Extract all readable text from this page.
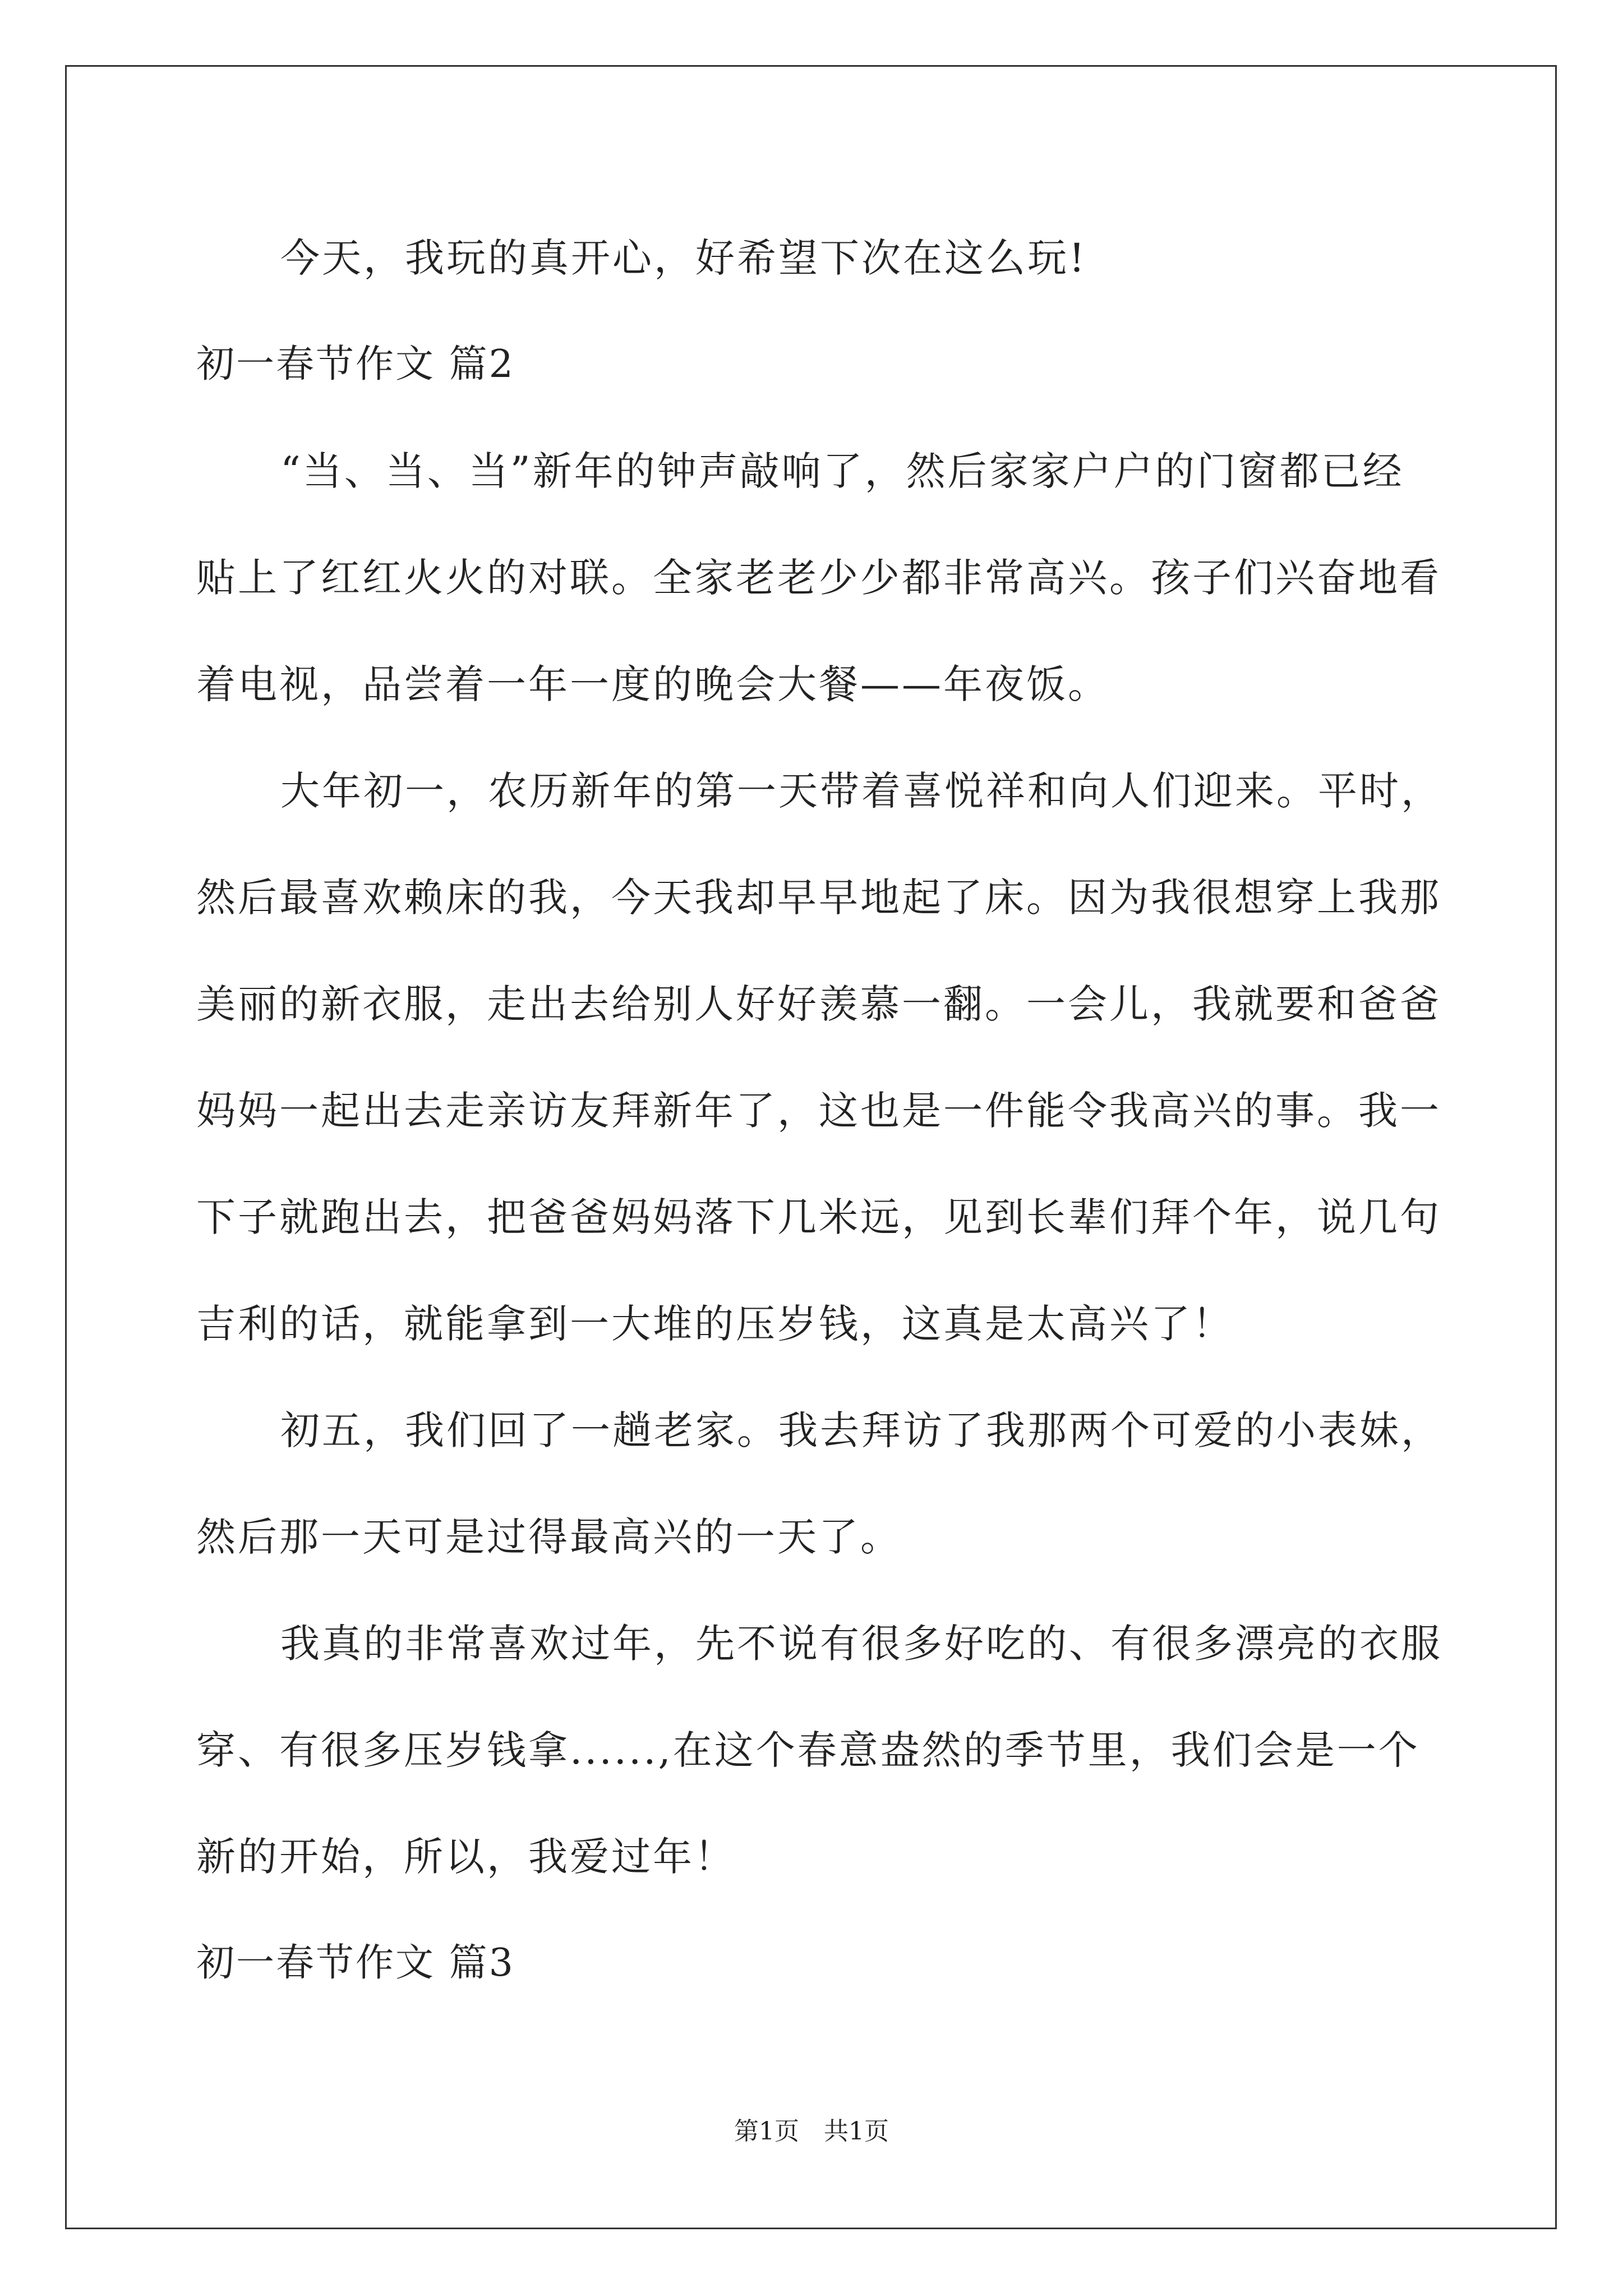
今天，我玩的真开心，好希望下次在这么玩!
初一春节作文 篇2
“当、当、当”新年的钟声敲响了，然后家家户户的门窗都已经
贴上了红红火火的对联。全家老老少少都非常高兴。孩子们兴奋地看
着电视，品尝着一年一度的晚会大餐——年夜饭。
大年初一，农历新年的第一天带着喜悦祥和向人们迎来。平时，
然后最喜欢赖床的我，今天我却早早地起了床。因为我很想穿上我那
美丽的新衣服，走出去给别人好好羡慕一翻。一会儿，我就要和爸爸
妈妈一起出去走亲访友拜新年了，这也是一件能令我高兴的事。我一
下子就跑出去，把爸爸妈妈落下几米远，见到长辈们拜个年，说几句
吉利的话，就能拿到一大堆的压岁钱，这真是太高兴了！
初五，我们回了一趟老家。我去拜访了我那两个可爱的小表妹，
然后那一天可是过得最高兴的一天了。
我真的非常喜欢过年，先不说有很多好吃的、有很多漂亮的衣服
穿、有很多压岁钱拿......,在这个春意盎然的季节里，我们会是一个
新的开始，所以，我爱过年！
初一春节作文 篇3
第1页　共1页
